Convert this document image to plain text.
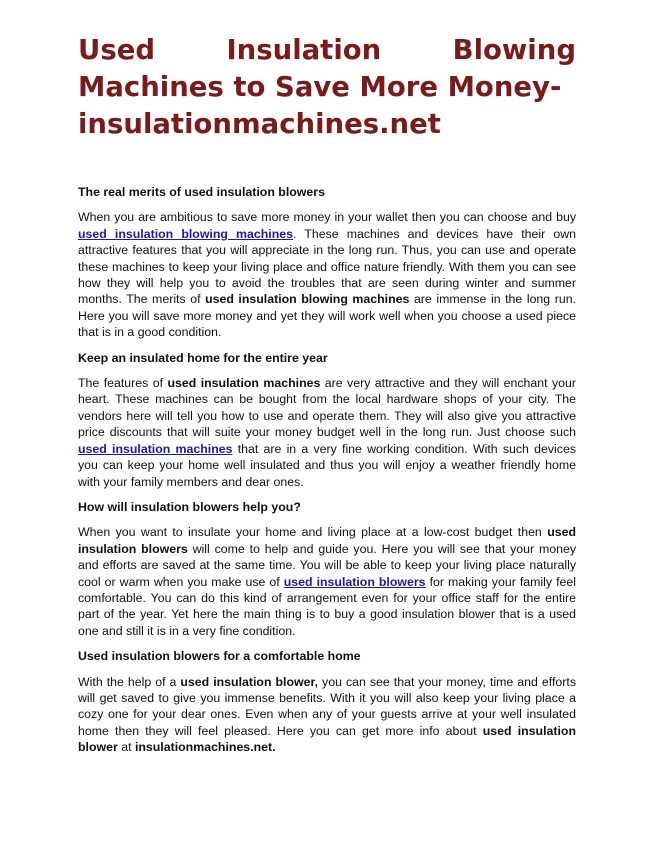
Used	Insulation	Blowing
Machines to Save More Money-
insulationmachines.net
The real merits of used insulation blowers

When you are ambitious to save more money in your wallet then you can choose and buy used insulation blowing machines. These machines and devices have their own attractive features that you will appreciate in the long run. Thus, you can use and operate these machines to keep your living place and office nature friendly. With them you can see how they will help you to avoid the troubles that are seen during winter and summer months. The merits of used insulation blowing machines are immense in the long run. Here you will save more money and yet they will work well when you choose a used piece that is in a good condition.

Keep an insulated home for the entire year

The features of used insulation machines are very attractive and they will enchant your heart. These machines can be bought from the local hardware shops of your city. The vendors here will tell you how to use and operate them. They will also give you attractive price discounts that will suite your money budget well in the long run. Just choose such used insulation machines that are in a very fine working condition. With such devices you can keep your home well insulated and thus you will enjoy a weather friendly home with your family members and dear ones.

How will insulation blowers help you?

When you want to insulate your home and living place at a low-cost budget then used insulation blowers will come to help and guide you. Here you will see that your money and efforts are saved at the same time. You will be able to keep your living place naturally cool or warm when you make use of used insulation blowers for making your family feel comfortable. You can do this kind of arrangement even for your office staff for the entire part of the year. Yet here the main thing is to buy a good insulation blower that is a used one and still it is in a very fine condition.

Used insulation blowers for a comfortable home

With the help of a used insulation blower, you can see that your money, time and efforts will get saved to give you immense benefits. With it you will also keep your living place a cozy one for your dear ones. Even when any of your guests arrive at your well insulated home then they will feel pleased. Here you can get more info about used insulation blower at insulationmachines.net.
